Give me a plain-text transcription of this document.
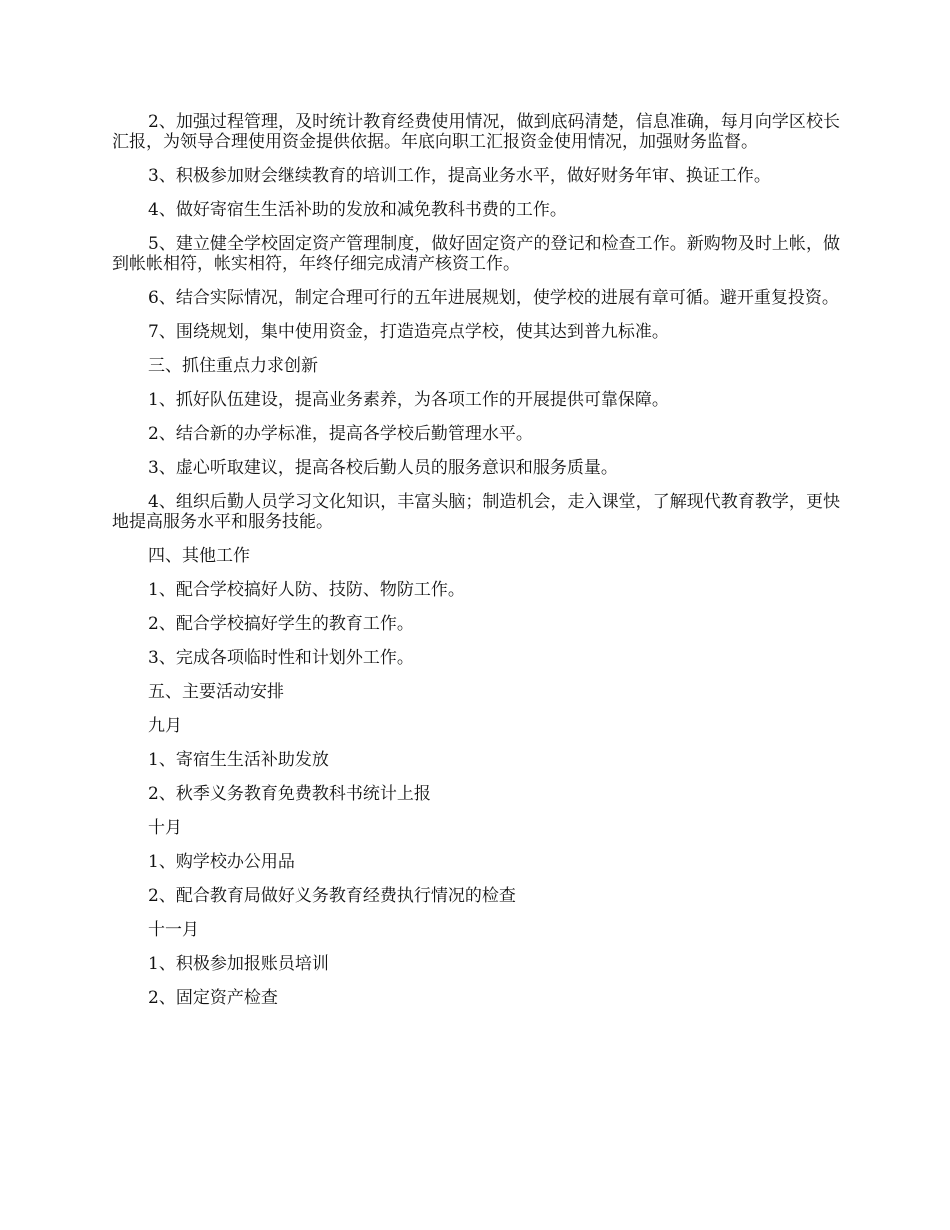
2、加强过程管理，及时统计教育经费使用情况，做到底码清楚，信息准确，每月向学区校长汇报，为领导合理使用资金提供依据。年底向职工汇报资金使用情况，加强财务监督。

3、积极参加财会继续教育的培训工作，提高业务水平，做好财务年审、换证工作。

4、做好寄宿生生活补助的发放和减免教科书费的工作。

5、建立健全学校固定资产管理制度，做好固定资产的登记和检查工作。新购物及时上帐，做到帐帐相符，帐实相符，年终仔细完成清产核资工作。

6、结合实际情况，制定合理可行的五年进展规划，使学校的进展有章可循。避开重复投资。

7、围绕规划，集中使用资金，打造造亮点学校，使其达到普九标准。

三、抓住重点力求创新

1、抓好队伍建设，提高业务素养，为各项工作的开展提供可靠保障。

2、结合新的办学标准，提高各学校后勤管理水平。

3、虚心听取建议，提高各校后勤人员的服务意识和服务质量。

4、组织后勤人员学习文化知识，丰富头脑；制造机会，走入课堂，了解现代教育教学，更快地提高服务水平和服务技能。

四、其他工作

1、配合学校搞好人防、技防、物防工作。

2、配合学校搞好学生的教育工作。

3、完成各项临时性和计划外工作。

五、主要活动安排

九月

1、寄宿生生活补助发放

2、秋季义务教育免费教科书统计上报

十月

1、购学校办公用品

2、配合教育局做好义务教育经费执行情况的检查

十一月

1、积极参加报账员培训

2、固定资产检查
